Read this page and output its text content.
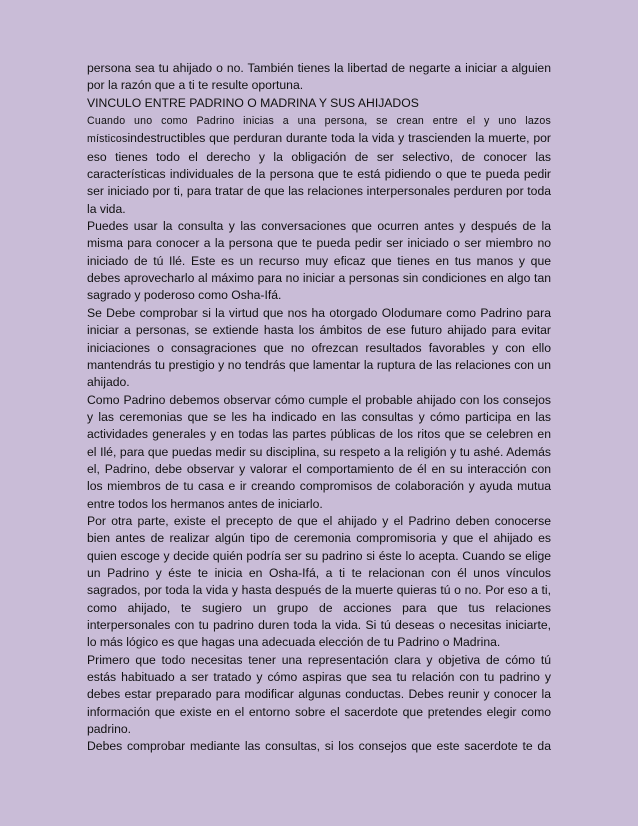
persona sea tu ahijado o no. También tienes la libertad de negarte a iniciar a alguien por la razón que a ti te resulte oportuna.

VINCULO ENTRE PADRINO O MADRINA Y SUS AHIJADOS

Cuando uno como Padrino inicias a una persona, se crean entre el y uno lazos místicosindestructibles que perduran durante toda la vida y trascienden la muerte, por eso tienes todo el derecho y la obligación de ser selectivo, de conocer las características individuales de la persona que te está pidiendo o que te pueda pedir ser iniciado por ti, para tratar de que las relaciones interpersonales perduren por toda la vida.

Puedes usar la consulta y las conversaciones que ocurren antes y después de la misma para conocer a la persona que te pueda pedir ser iniciado o ser miembro no iniciado de tú Ilé. Este es un recurso muy eficaz que tienes en tus manos y que debes aprovecharlo al máximo para no iniciar a personas sin condiciones en algo tan sagrado y poderoso como Osha-Ifá.

Se Debe comprobar si la virtud que nos ha otorgado Olodumare como Padrino para iniciar a personas, se extiende hasta los ámbitos de ese futuro ahijado para evitar iniciaciones o consagraciones que no ofrezcan resultados favorables y con ello mantendrás tu prestigio y no tendrás que lamentar la ruptura de las relaciones con un ahijado.

Como Padrino debemos observar cómo cumple el probable ahijado con los consejos y las ceremonias que se les ha indicado en las consultas y cómo participa en las actividades generales y en todas las partes públicas de los ritos que se celebren en el Ilé, para que puedas medir su disciplina, su respeto a la religión y tu ashé. Además el, Padrino, debe observar y valorar el comportamiento de él en su interacción con los miembros de tu casa e ir creando compromisos de colaboración y ayuda mutua entre todos los hermanos antes de iniciarlo.

Por otra parte, existe el precepto de que el ahijado y el Padrino deben conocerse bien antes de realizar algún tipo de ceremonia compromisoria y que el ahijado es quien escoge y decide quién podría ser su padrino si éste lo acepta. Cuando se elige un Padrino y éste te inicia en Osha-Ifá, a ti te relacionan con él unos vínculos sagrados, por toda la vida y hasta después de la muerte quieras tú o no. Por eso a ti, como ahijado, te sugiero un grupo de acciones para que tus relaciones interpersonales con tu padrino duren toda la vida. Si tú deseas o necesitas iniciarte, lo más lógico es que hagas una adecuada elección de tu Padrino o Madrina.

Primero que todo necesitas tener una representación clara y objetiva de cómo tú estás habituado a ser tratado y cómo aspiras que sea tu relación con tu padrino y debes estar preparado para modificar algunas conductas. Debes reunir y conocer la información que existe en el entorno sobre el sacerdote que pretendes elegir como padrino.

Debes comprobar mediante las consultas, si los consejos que este sacerdote te da
